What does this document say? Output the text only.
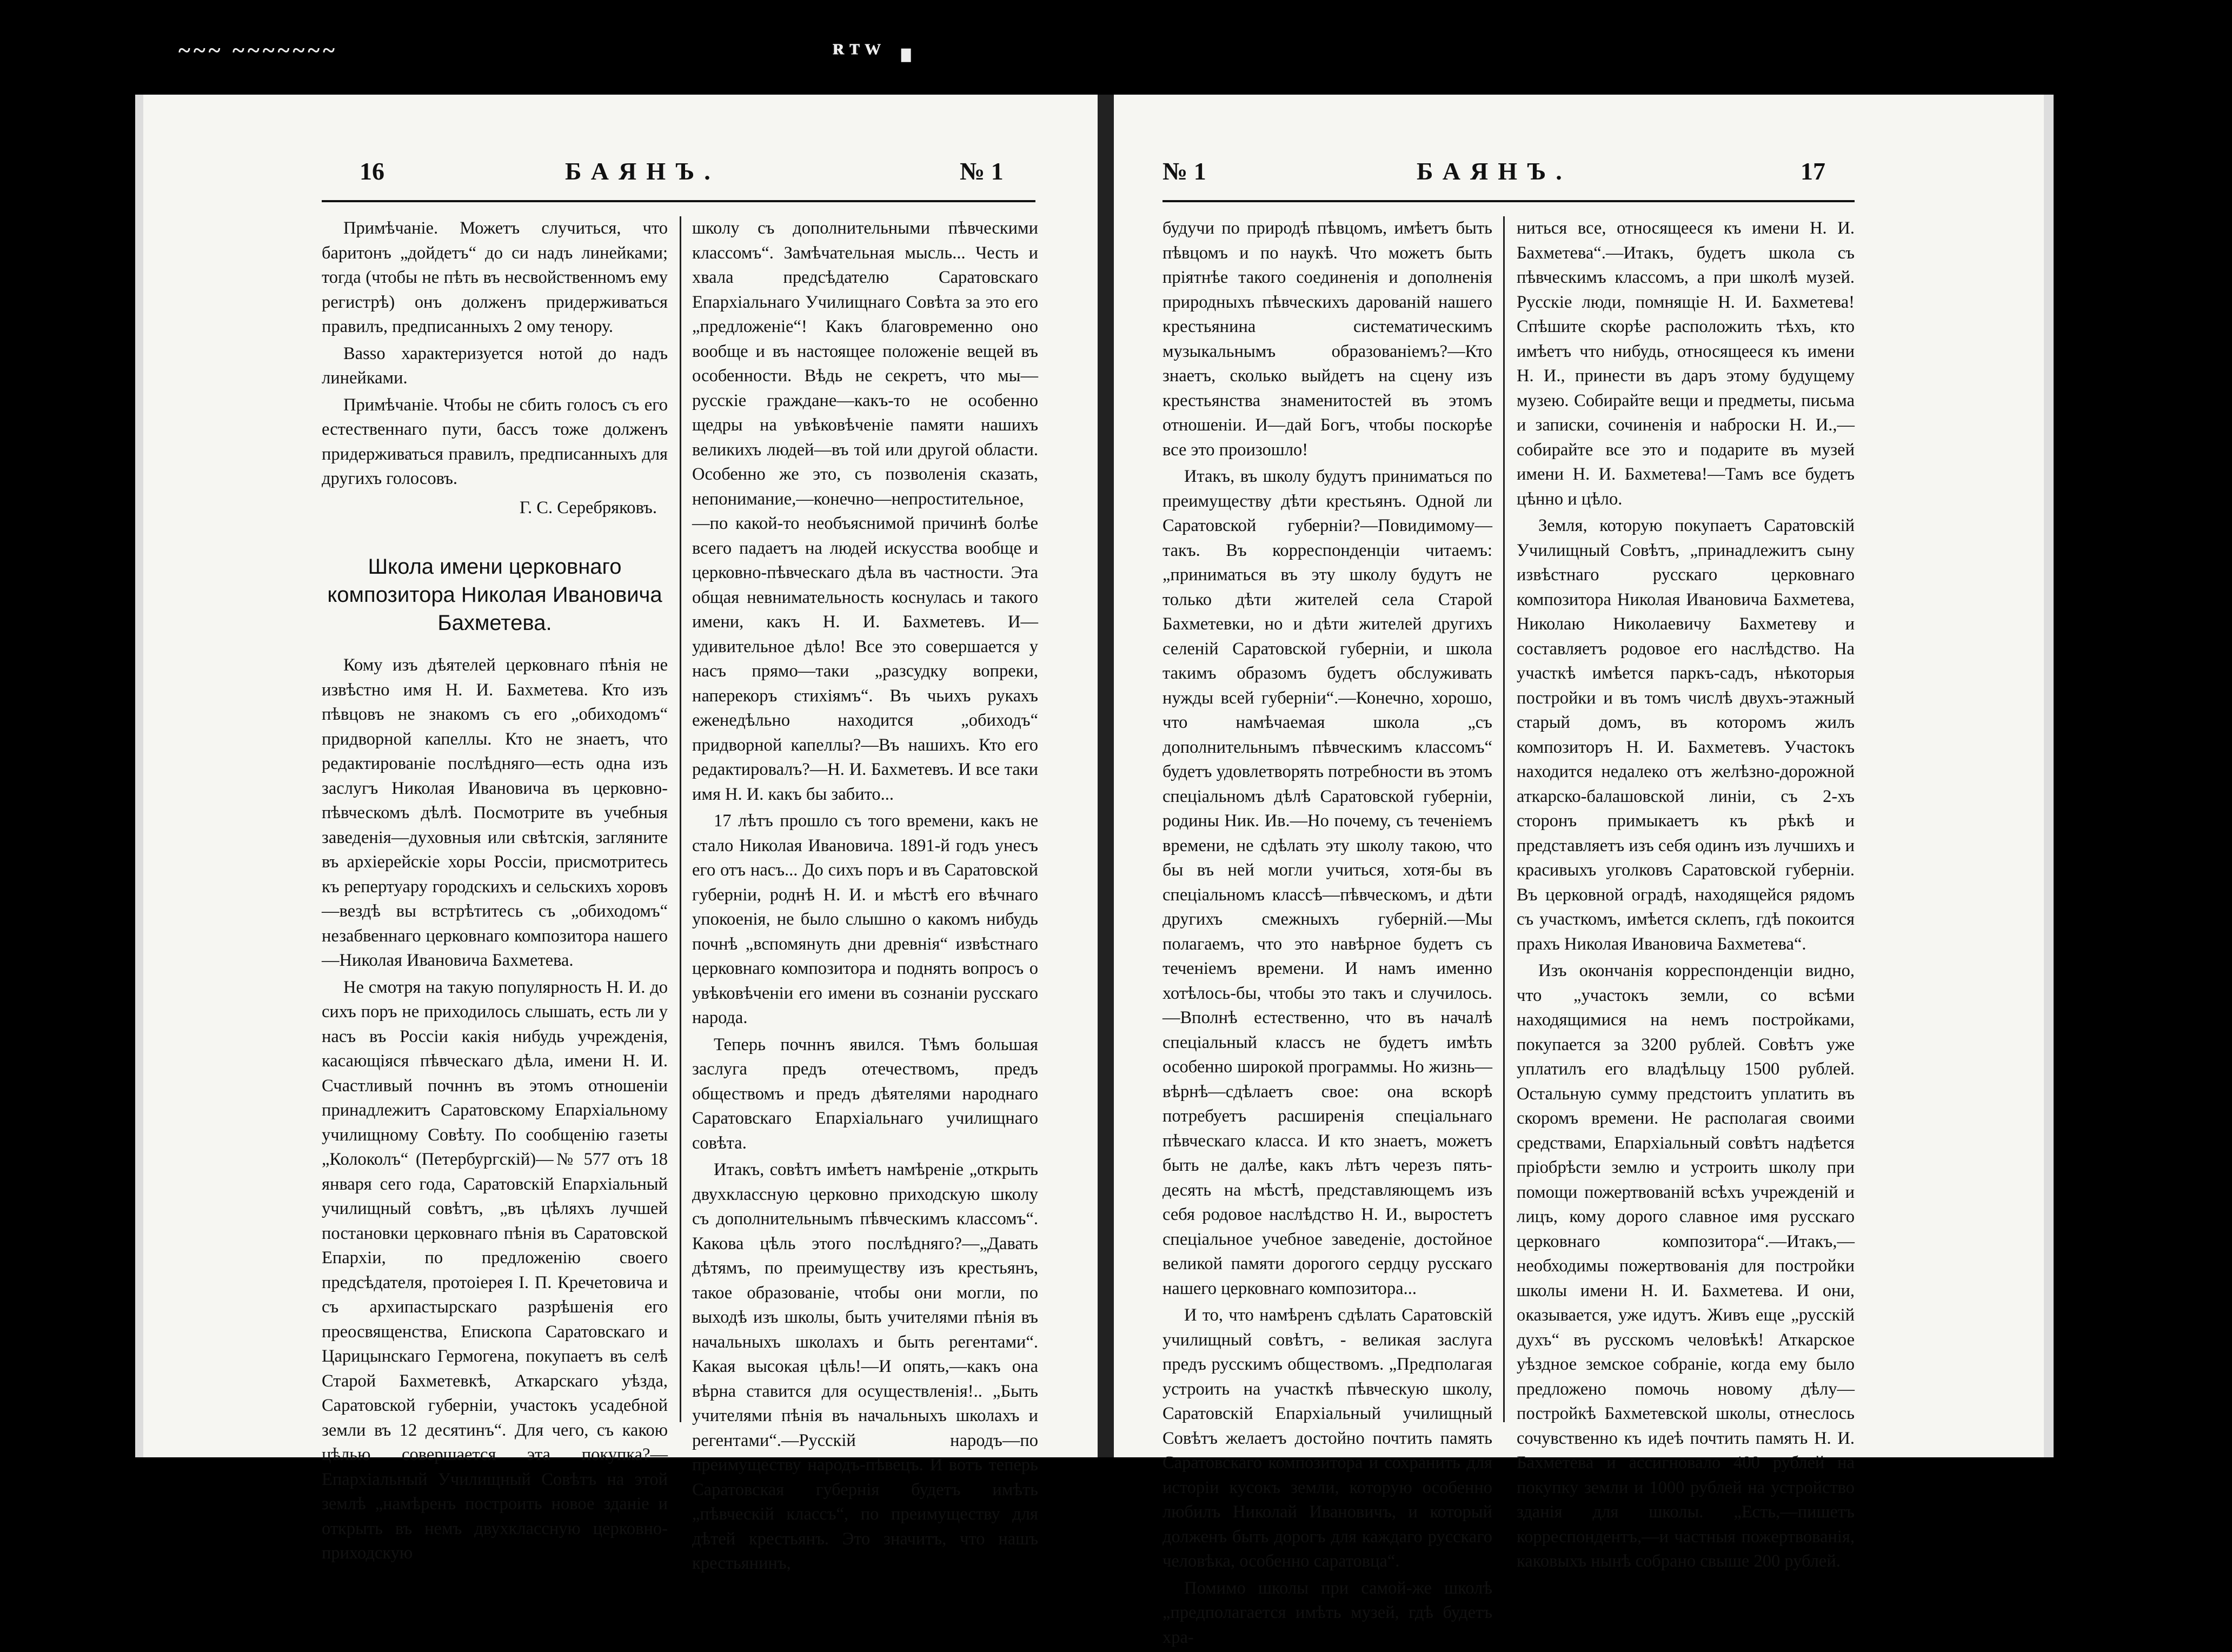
~~~ ~~~~~~~	ᴿᵀᵂ ∎
16	БАЯНЪ.	№ 1

Примѣчаніе. Можетъ случиться, что баритонъ „дойдетъ“ до си надъ линейками; тогда (чтобы не пѣть въ несвойственномъ ему регистрѣ) онъ долженъ придерживаться правилъ, предписанныхъ 2 ому тенору.

Basso характеризуется нотой до надъ линейками.

Примѣчаніе. Чтобы не сбить голосъ съ его естественнаго пути, бассъ тоже долженъ придерживаться правилъ, предписанныхъ для другихъ голосовъ.

Г. С. Серебряковъ.

Школа имени церковнаго композитора Николая Ивановича Бахметева.

Кому изъ дѣятелей церковнаго пѣнія не извѣстно имя Н. И. Бахметева. Кто изъ пѣвцовъ не знакомъ съ его „обиходомъ“ придворной капеллы. Кто не знаетъ, что редактированіе послѣдняго—есть одна изъ заслугъ Николая Ивановича въ церковно-пѣвческомъ дѣлѣ. Посмотрите въ учебныя заведенія—духовныя или свѣтскія, загляните въ архіерейскіе хоры Россіи, присмотритесь къ репертуару городскихъ и сельскихъ хоровъ—вездѣ вы встрѣтитесь съ „обиходомъ“ незабвеннаго церковнаго композитора нашего—Николая Ивановича Бахметева.

Не смотря на такую популярность Н. И. до сихъ поръ не приходилось слышать, есть ли у насъ въ Россіи какія нибудь учрежденія, касающіяся пѣвческаго дѣла, имени Н. И. Счастливый почннъ въ этомъ отношеніи принадлежитъ Саратовскому Епархіальному училищному Совѣту. По сообщенію газеты „Колоколъ“ (Петербургскій)—№ 577 отъ 18 января сего года, Саратовскій Епархіальный училищный совѣтъ, „въ цѣляхъ лучшей постановки церковнаго пѣнія въ Саратовской Епархіи, по предложенію своего предсѣдателя, протоіерея І. П. Кречетовича и съ архипастырскаго разрѣшенія его преосвященства, Епископа Саратовскаго и Царицынскаго Гермогена, покупаетъ въ селѣ Старой Бахметевкѣ, Аткарскаго уѣзда, Саратовской губерніи, участокъ усадебной земли въ 12 десятинъ“. Для чего, съ какою цѣлью совершается эта покупка?—Епархіальный Училищный Совѣтъ на этой землѣ „намѣренъ построить новое зданіе и открыть въ немъ двухклассную церковно-приходскую

школу съ дополнительными пѣвческими классомъ“. Замѣчательная мысль... Честь и хвала предсѣдателю Саратовскаго Епархіальнаго Училищнаго Совѣта за это его „предложеніе“! Какъ благовременно оно вообще и въ настоящее положеніе вещей въ особенности. Вѣдь не секретъ, что мы—русскіе граждане—какъ-то не особенно щедры на увѣковѣченіе памяти нашихъ великихъ людей—въ той или другой области. Особенно же это, съ позволенія сказать, непонимание,—конечно—непростительное,—по какой-то необъяснимой причинѣ болѣе всего падаетъ на людей искусства вообще и церковно-пѣвческаго дѣла въ частности. Эта общая невнимательность коснулась и такого имени, какъ Н. И. Бахметевъ. И—удивительное дѣло! Все это совершается у насъ прямо—таки „разсудку вопреки, наперекоръ стихіямъ“. Въ чьихъ рукахъ еженедѣльно находится „обиходъ“ придворной капеллы?—Въ нашихъ. Кто его редактировалъ?—Н. И. Бахметевъ. И все таки имя Н. И. какъ бы забито...

17 лѣтъ прошло съ того времени, какъ не стало Николая Ивановича. 1891-й годъ унесъ его отъ насъ... До сихъ поръ и въ Саратовской губерніи, роднѣ Н. И. и мѣстѣ его вѣчнаго упокоенія, не было слышно о какомъ нибудь почнѣ „вспомянуть дни древнія“ извѣстнаго церковнаго композитора и поднять вопросъ о увѣковѣченіи его имени въ сознаніи русскаго народа.

Теперь почннъ явился. Тѣмъ большая заслуга предъ отечествомъ, предъ обществомъ и предъ дѣятелями народнаго Саратовскаго Епархіальнаго училищнаго совѣта.

Итакъ, совѣтъ имѣетъ намѣреніе „открыть двухклассную церковно приходскую школу съ дополнительнымъ пѣвческимъ классомъ“. Какова цѣль этого послѣдняго?—„Давать дѣтямъ, по преимуществу изъ крестьянъ, такое образованіе, чтобы они могли, по выходѣ изъ школы, быть учителями пѣнія въ начальныхъ школахъ и быть регентами“. Какая высокая цѣль!—И опять,—какъ она вѣрна ставится для осуществленія!.. „Быть учителями пѣнія въ начальныхъ школахъ и регентами“.—Русскій народъ—по преимуществу народъ-пѣвецъ. И вотъ теперь Саратовская губернія будетъ имѣть „пѣвческій классъ“, по преимуществу для дѣтей крестьянъ. Это значитъ, что нашъ крестьянинъ,

№ 1	БАЯНЪ.	17

будучи по природѣ пѣвцомъ, имѣетъ быть пѣвцомъ и по наукѣ. Что можетъ быть пріятнѣе такого соединенія и дополненія природныхъ пѣвческихъ дарованій нашего крестьянина систематическимъ музыкальнымъ образованіемъ?—Кто знаетъ, сколько выйдетъ на сцену изъ крестьянства знаменитостей въ этомъ отношеніи. И—дай Богъ, чтобы поскорѣе все это произошло!

Итакъ, въ школу будутъ приниматься по преимуществу дѣти крестьянъ. Одной ли Саратовской губерніи?—Повидимому—такъ. Въ корреспонденціи читаемъ: „приниматься въ эту школу будутъ не только дѣти жителей села Старой Бахметевки, но и дѣти жителей другихъ селеній Саратовской губерніи, и школа такимъ образомъ будетъ обслуживать нужды всей губерніи“.—Конечно, хорошо, что намѣчаемая школа „съ дополнительнымъ пѣвческимъ классомъ“ будетъ удовлетворять потребности въ этомъ спеціальномъ дѣлѣ Саратовской губерніи, родины Ник. Ив.—Но почему, съ теченіемъ времени, не сдѣлать эту школу такою, что бы въ ней могли учиться, хотя-бы въ спеціальномъ классѣ—пѣвческомъ, и дѣти другихъ смежныхъ губерній.—Мы полагаемъ, что это навѣрное будетъ съ теченіемъ времени. И намъ именно хотѣлось-бы, чтобы это такъ и случилось.—Вполнѣ естественно, что въ началѣ спеціальный классъ не будетъ имѣть особенно широкой программы. Но жизнь—вѣрнѣ—сдѣлаетъ свое: она вскорѣ потребуетъ расширенія спеціальнаго пѣвческаго класса. И кто знаетъ, можетъ быть не далѣе, какъ лѣтъ черезъ пять-десять на мѣстѣ, представляющемъ изъ себя родовое наслѣдство Н. И., выростетъ спеціальное учебное заведеніе, достойное великой памяти дорогого сердцу русскаго нашего церковнаго композитора...

И то, что намѣренъ сдѣлать Саратовскій училищный совѣтъ, - великая заслуга предъ русскимъ обществомъ. „Предполагая устроить на участкѣ пѣвческую школу, Саратовскій Епархіальный училищный Совѣтъ желаетъ достойно почтить память Саратовскаго композитора и сохранить для исторіи кусокъ земли, которую особенно любилъ Николай Ивановичъ, и который долженъ быть дорогъ для каждаго русскаго человѣка, особенно саратовца“.

Помимо школы при самой-же школѣ „предполагается имѣть музей, гдѣ будетъ хра-

ниться все, относящееся къ имени Н. И. Бахметева“.—Итакъ, будетъ школа съ пѣвческимъ классомъ, а при школѣ музей. Русскіе люди, помнящіе Н. И. Бахметева! Спѣшите скорѣе расположить тѣхъ, кто имѣетъ что нибудь, относящееся къ имени Н. И., принести въ даръ этому будущему музею. Собирайте вещи и предметы, письма и записки, сочиненія и наброски Н. И.,—собирайте все это и подарите въ музей имени Н. И. Бахметева!—Тамъ все будетъ цѣнно и цѣло.

Земля, которую покупаетъ Саратовскій Училищный Совѣтъ, „принадлежитъ сыну извѣстнаго русскаго церковнаго композитора Николая Ивановича Бахметева, Николаю Николаевичу Бахметеву и составляетъ родовое его наслѣдство. На участкѣ имѣется паркъ-садъ, нѣкоторыя постройки и въ томъ числѣ двухъ-этажный старый домъ, въ которомъ жилъ композиторъ Н. И. Бахметевъ. Участокъ находится недалеко отъ желѣзно-дорожной аткарско-балашовской линіи, съ 2-хъ сторонъ примыкаетъ къ рѣкѣ и представляетъ изъ себя одинъ изъ лучшихъ и красивыхъ уголковъ Саратовской губерніи. Въ церковной оградѣ, находящейся рядомъ съ участкомъ, имѣется склепъ, гдѣ покоится прахъ Николая Ивановича Бахметева“.

Изъ окончанія корреспонденціи видно, что „участокъ земли, со всѣми находящимися на немъ постройками, покупается за 3200 рублей. Совѣтъ уже уплатилъ его владѣльцу 1500 рублей. Остальную сумму предстоитъ уплатить въ скоромъ времени. Не располагая своими средствами, Епархіальный совѣтъ надѣется пріобрѣсти землю и устроить школу при помощи пожертвованій всѣхъ учрежденій и лицъ, кому дорого славное имя русскаго церковнаго композитора“.—Итакъ,—необходимы пожертвованія для постройки школы имени Н. И. Бахметева. И они, оказывается, уже идутъ. Живъ еще „русскій духъ“ въ русскомъ человѣкѣ! Аткарское уѣздное земское собраніе, когда ему было предложено помочь новому дѣлу—постройкѣ Бахметевской школы, отнеслось сочувственно къ идеѣ почтить память Н. И. Бахметева и ассигновало 400 рублей на покупку земли и 1000 рублей на устройство зданія для школы. „Есть,—пишетъ корреспондентъ,—и частныя пожертвованія, каковыхъ нынѣ собрано свыше 200 рублей.
